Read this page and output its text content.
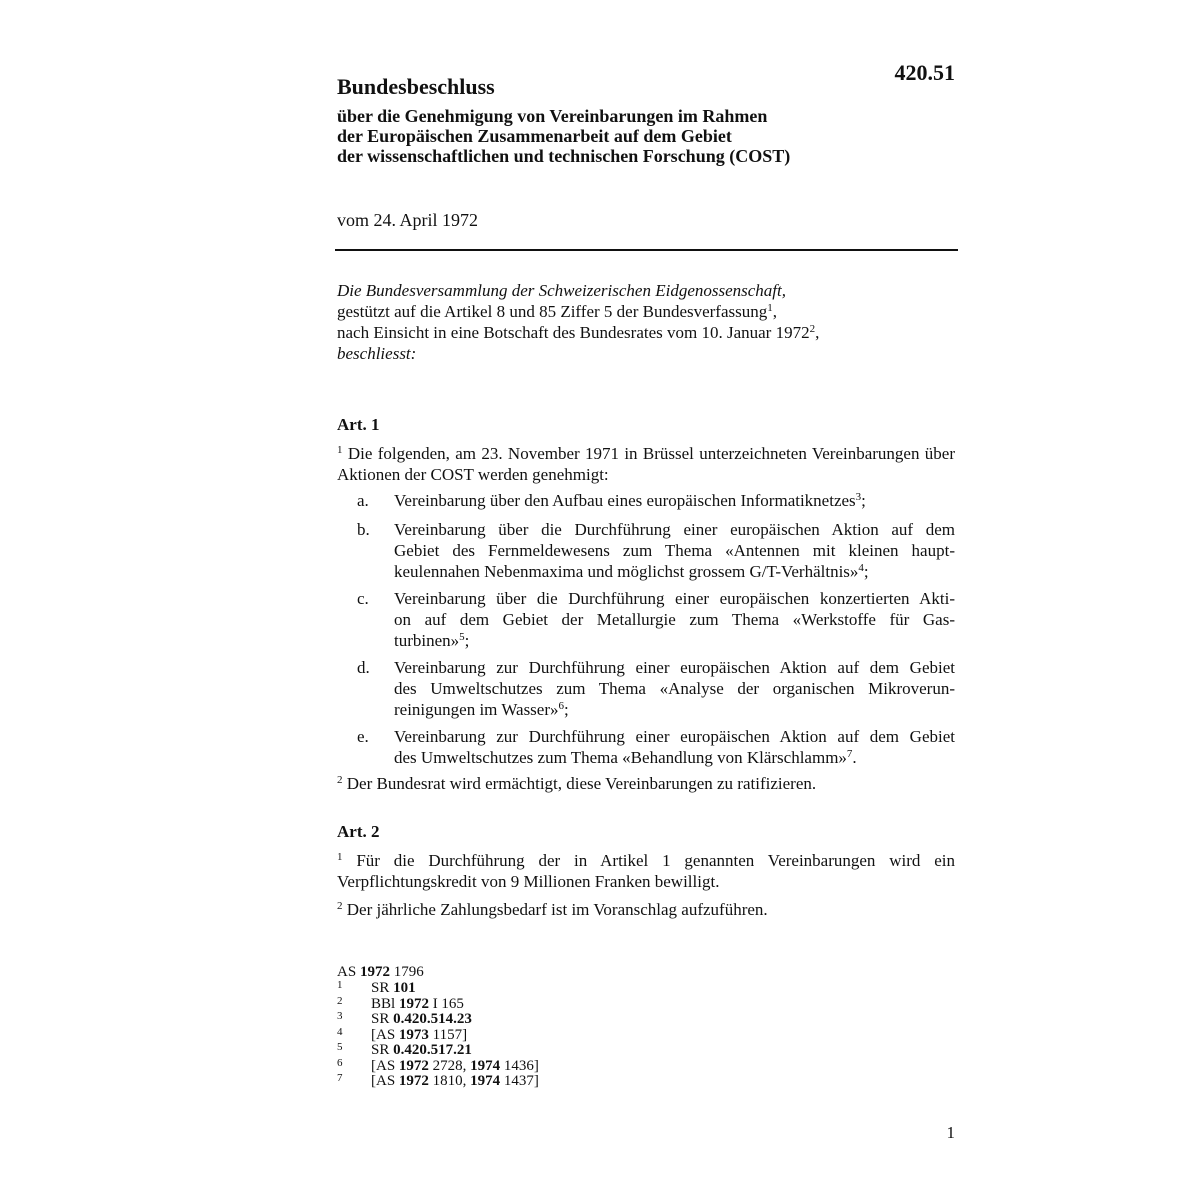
420.51
Bundesbeschluss
über die Genehmigung von Vereinbarungen im Rahmen
der Europäischen Zusammenarbeit auf dem Gebiet
der wissenschaftlichen und technischen Forschung (COST)
vom 24. April 1972
Die Bundesversammlung der Schweizerischen Eidgenossenschaft,
gestützt auf die Artikel 8 und 85 Ziffer 5 der Bundesverfassung$^1$,
nach Einsicht in eine Botschaft des Bundesrates vom 10. Januar 1972$^2$,
beschliesst:
Art. 1
$^1$ Die folgenden, am 23. November 1971 in Brüssel unterzeichneten Vereinbarungen über Aktionen der COST werden genehmigt:
a.	Vereinbarung über den Aufbau eines europäischen Informatiknetzes$^3$;
b.	Vereinbarung über die Durchführung einer europäischen Aktion auf dem
Gebiet des Fernmeldewesens zum Thema «Antennen mit kleinen haupt-
keulennahen Nebenmaxima und möglichst grossem G/T-Verhältnis»$^4$;
c.	Vereinbarung über die Durchführung einer europäischen konzertierten Akti-
on auf dem Gebiet der Metallurgie zum Thema «Werkstoffe für Gas-
turbinen»$^5$;
d.	Vereinbarung zur Durchführung einer europäischen Aktion auf dem Gebiet
des Umweltschutzes zum Thema «Analyse der organischen Mikroverun-
reinigungen im Wasser»$^6$;
e.	Vereinbarung zur Durchführung einer europäischen Aktion auf dem Gebiet
des Umweltschutzes zum Thema «Behandlung von Klärschlamm»$^7$.
$^2$ Der Bundesrat wird ermächtigt, diese Vereinbarungen zu ratifizieren.
Art. 2
$^1$ Für die Durchführung der in Artikel 1 genannten Vereinbarungen wird ein Verpflichtungskredit von 9 Millionen Franken bewilligt.
$^2$ Der jährliche Zahlungsbedarf ist im Voranschlag aufzuführen.
AS 1972 1796
1 SR 101
2 BBl 1972 I 165
3 SR 0.420.514.23
4 [AS 1973 1157]
5 SR 0.420.517.21
6 [AS 1972 2728, 1974 1436]
7 [AS 1972 1810, 1974 1437]
1
